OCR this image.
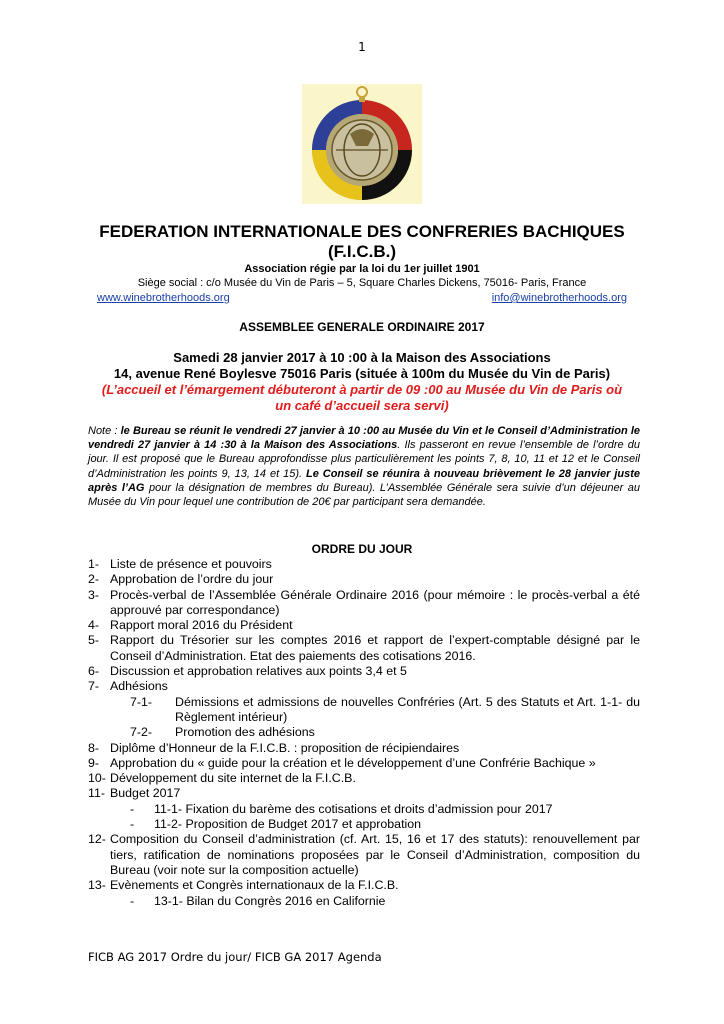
1
FEDERATION INTERNATIONALE DES CONFRERIES BACHIQUES
(F.I.C.B.)
Association régie par la loi du 1er juillet 1901
Siège social : c/o Musée du Vin de Paris – 5, Square Charles Dickens, 75016- Paris, France
www.winebrotherhoods.org	info@winebrotherhoods.org
ASSEMBLEE GENERALE ORDINAIRE 2017
Samedi 28 janvier 2017 à 10 :00 à la Maison des Associations
14, avenue René Boylesve 75016 Paris (située à 100m du Musée du Vin de Paris)
(L’accueil et l’émargement débuteront à partir de 09 :00 au Musée du Vin de Paris où
un café d’accueil sera servi)
Note : le Bureau se réunit le vendredi 27 janvier à 10 :00 au Musée du Vin et le Conseil d’Administration le vendredi 27 janvier à 14 :30 à la Maison des Associations. Ils passeront en revue l’ensemble de l’ordre du jour. Il est proposé que le Bureau approfondisse plus particulièrement les points 7, 8, 10, 11 et 12 et le Conseil d’Administration les points 9, 13, 14 et 15). Le Conseil se réunira à nouveau brièvement le 28 janvier juste après l’AG pour la désignation de membres du Bureau). L’Assemblée Générale sera suivie d’un déjeuner au Musée du Vin pour lequel une contribution de 20€ par participant sera demandée.
ORDRE DU JOUR
1- Liste de présence et pouvoirs
2- Approbation de l’ordre du jour
3- Procès-verbal de l’Assemblée Générale Ordinaire 2016 (pour mémoire : le procès-verbal a été approuvé par correspondance)
4- Rapport moral 2016 du Président
5- Rapport du Trésorier sur les comptes 2016 et rapport de l’expert-comptable désigné par le Conseil d’Administration. Etat des paiements des cotisations 2016.
6- Discussion et approbation relatives aux points 3,4 et 5
7- Adhésions
7-1-	Démissions et admissions de nouvelles Confréries (Art. 5 des Statuts et Art. 1-1- du Règlement intérieur)
7-2-	Promotion des adhésions
8- Diplôme d’Honneur de la F.I.C.B. : proposition de récipiendaires
9- Approbation du « guide pour la création et le développement d’une Confrérie Bachique »
10- Développement du site internet de la F.I.C.B.
11- Budget 2017
-	11-1- Fixation du barème des cotisations et droits d’admission pour 2017
-	11-2- Proposition de Budget 2017 et approbation
12- Composition du Conseil d’administration (cf. Art. 15, 16 et 17 des statuts): renouvellement par tiers, ratification de nominations proposées par le Conseil d’Administration, composition du Bureau (voir note sur la composition actuelle)
13- Evènements et Congrès internationaux de la F.I.C.B.
-	13-1- Bilan du Congrès 2016 en Californie
FICB AG 2017 Ordre du jour/ FICB GA 2017 Agenda
